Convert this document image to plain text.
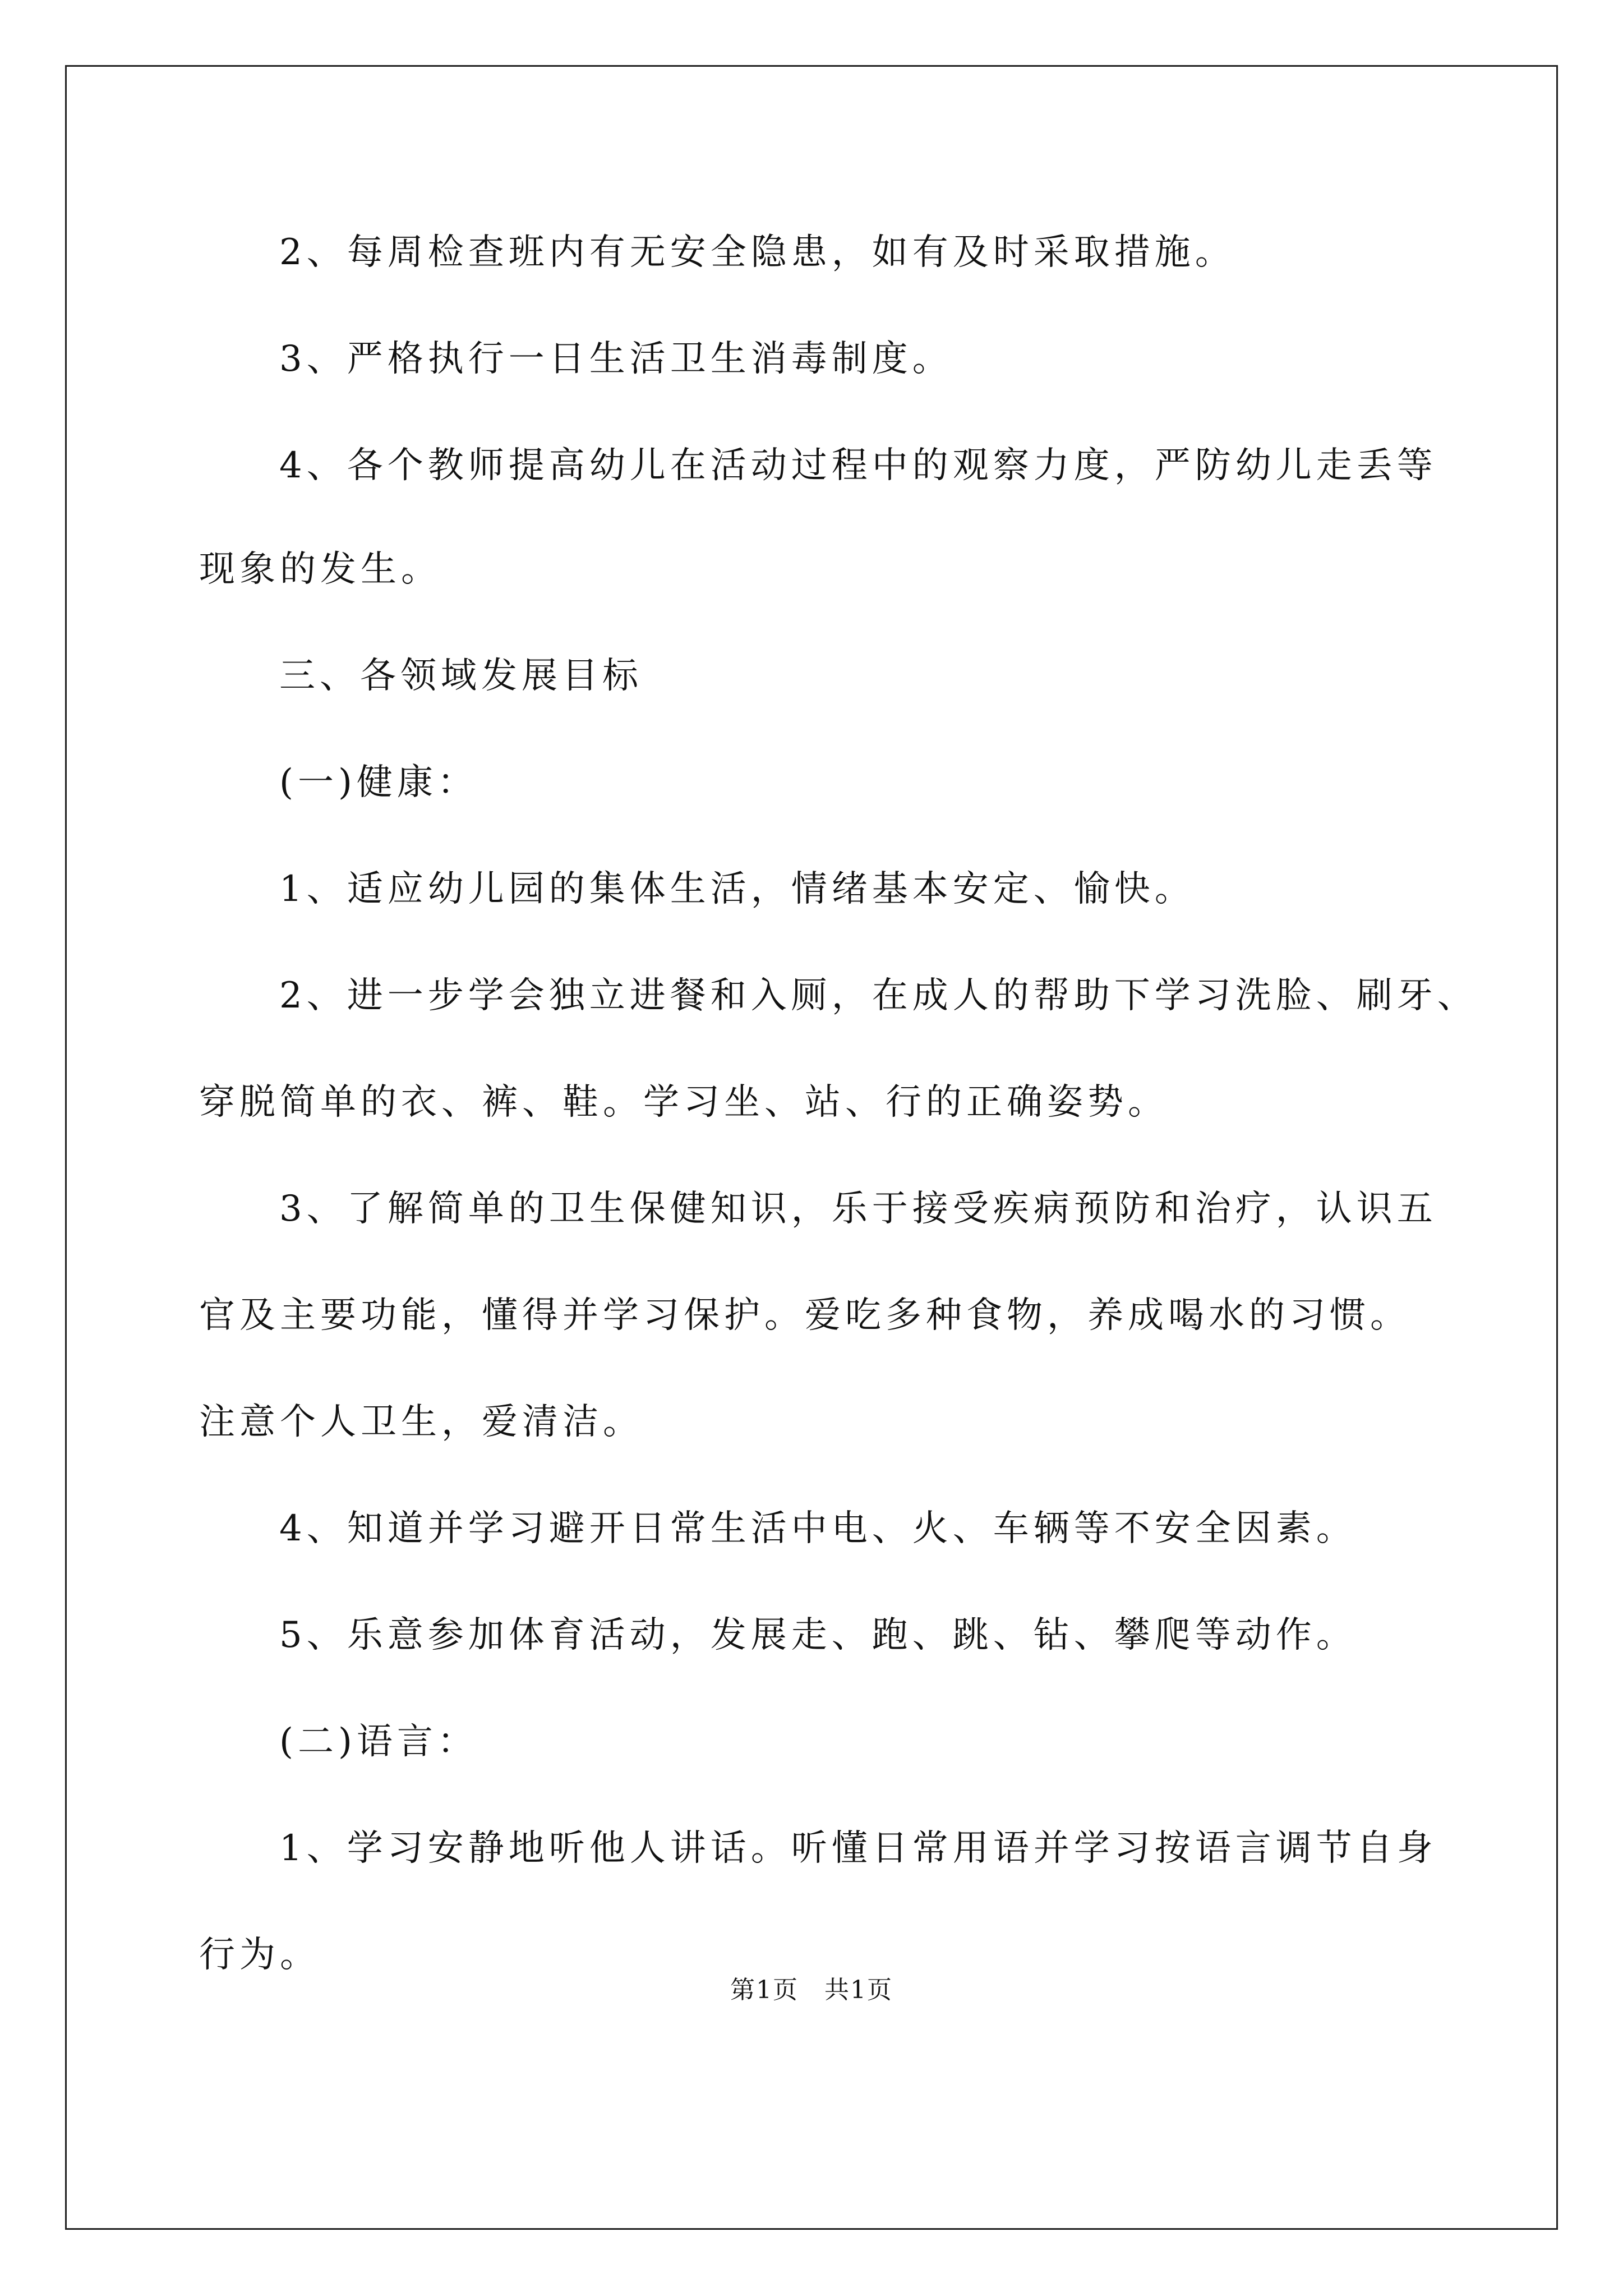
2、每周检查班内有无安全隐患，如有及时采取措施。
3、严格执行一日生活卫生消毒制度。
4、各个教师提高幼儿在活动过程中的观察力度，严防幼儿走丢等
现象的发生。
三、各领域发展目标
(一)健康：
1、适应幼儿园的集体生活，情绪基本安定、愉快。
2、进一步学会独立进餐和入厕，在成人的帮助下学习洗脸、刷牙、
穿脱简单的衣、裤、鞋。学习坐、站、行的正确姿势。
3、了解简单的卫生保健知识，乐于接受疾病预防和治疗，认识五
官及主要功能，懂得并学习保护。爱吃多种食物，养成喝水的习惯。
注意个人卫生，爱清洁。
4、知道并学习避开日常生活中电、火、车辆等不安全因素。
5、乐意参加体育活动，发展走、跑、跳、钻、攀爬等动作。
(二)语言：
1、学习安静地听他人讲话。听懂日常用语并学习按语言调节自身
行为。
第1页　共1页
